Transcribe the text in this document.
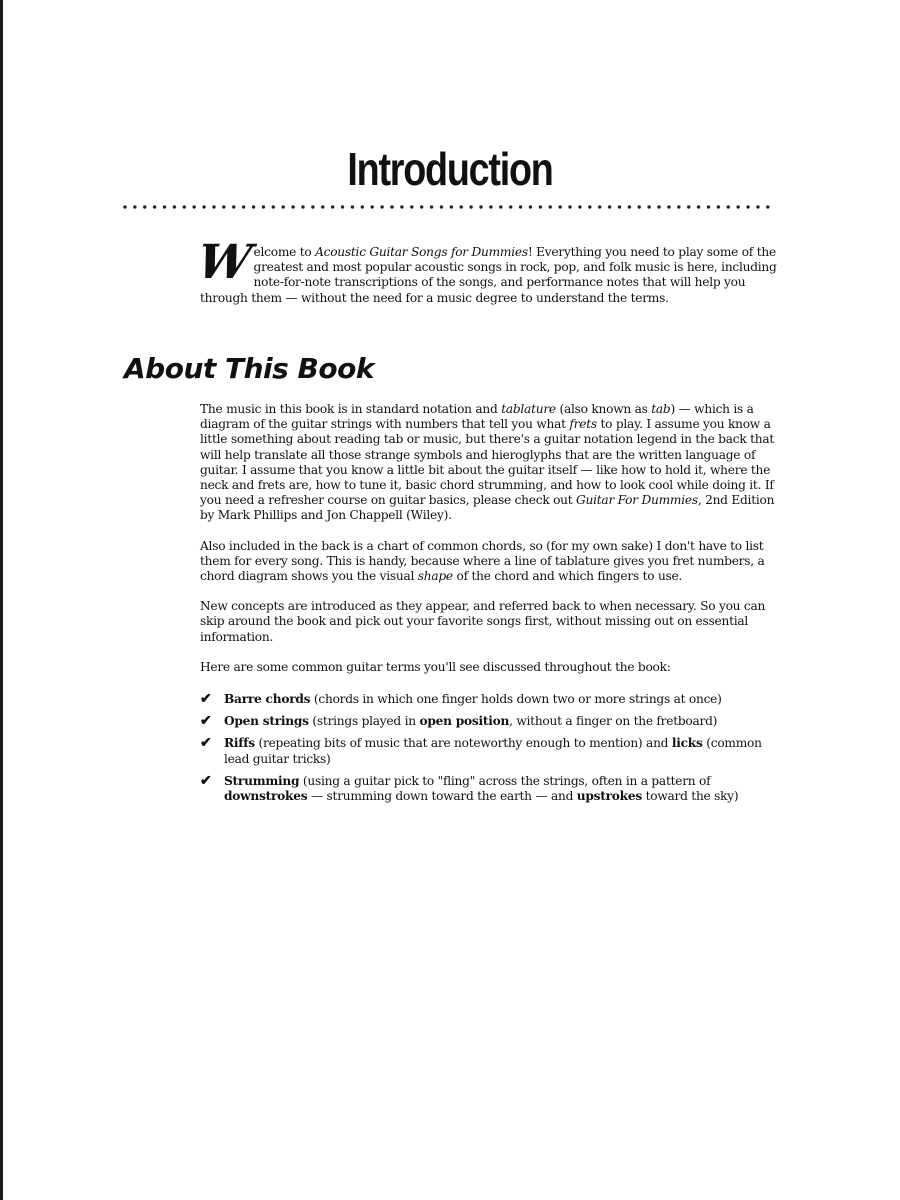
Introduction

Welcome to Acoustic Guitar Songs for Dummies! Everything you need to play some of the greatest and most popular acoustic songs in rock, pop, and folk music is here, including note-for-note transcriptions of the songs, and performance notes that will help you through them — without the need for a music degree to understand the terms.

About This Book

The music in this book is in standard notation and tablature (also known as tab) — which is a diagram of the guitar strings with numbers that tell you what frets to play. I assume you know a little something about reading tab or music, but there's a guitar notation legend in the back that will help translate all those strange symbols and hieroglyphs that are the written language of guitar. I assume that you know a little bit about the guitar itself — like how to hold it, where the neck and frets are, how to tune it, basic chord strumming, and how to look cool while doing it. If you need a refresher course on guitar basics, please check out Guitar For Dummies, 2nd Edition by Mark Phillips and Jon Chappell (Wiley).

Also included in the back is a chart of common chords, so (for my own sake) I don't have to list them for every song. This is handy, because where a line of tablature gives you fret numbers, a chord diagram shows you the visual shape of the chord and which fingers to use.

New concepts are introduced as they appear, and referred back to when necessary. So you can skip around the book and pick out your favorite songs first, without missing out on essential information.

Here are some common guitar terms you'll see discussed throughout the book:

✔ Barre chords (chords in which one finger holds down two or more strings at once)
✔ Open strings (strings played in open position, without a finger on the fretboard)
✔ Riffs (repeating bits of music that are noteworthy enough to mention) and licks (common lead guitar tricks)
✔ Strumming (using a guitar pick to "fling" across the strings, often in a pattern of downstrokes — strumming down toward the earth — and upstrokes toward the sky)
